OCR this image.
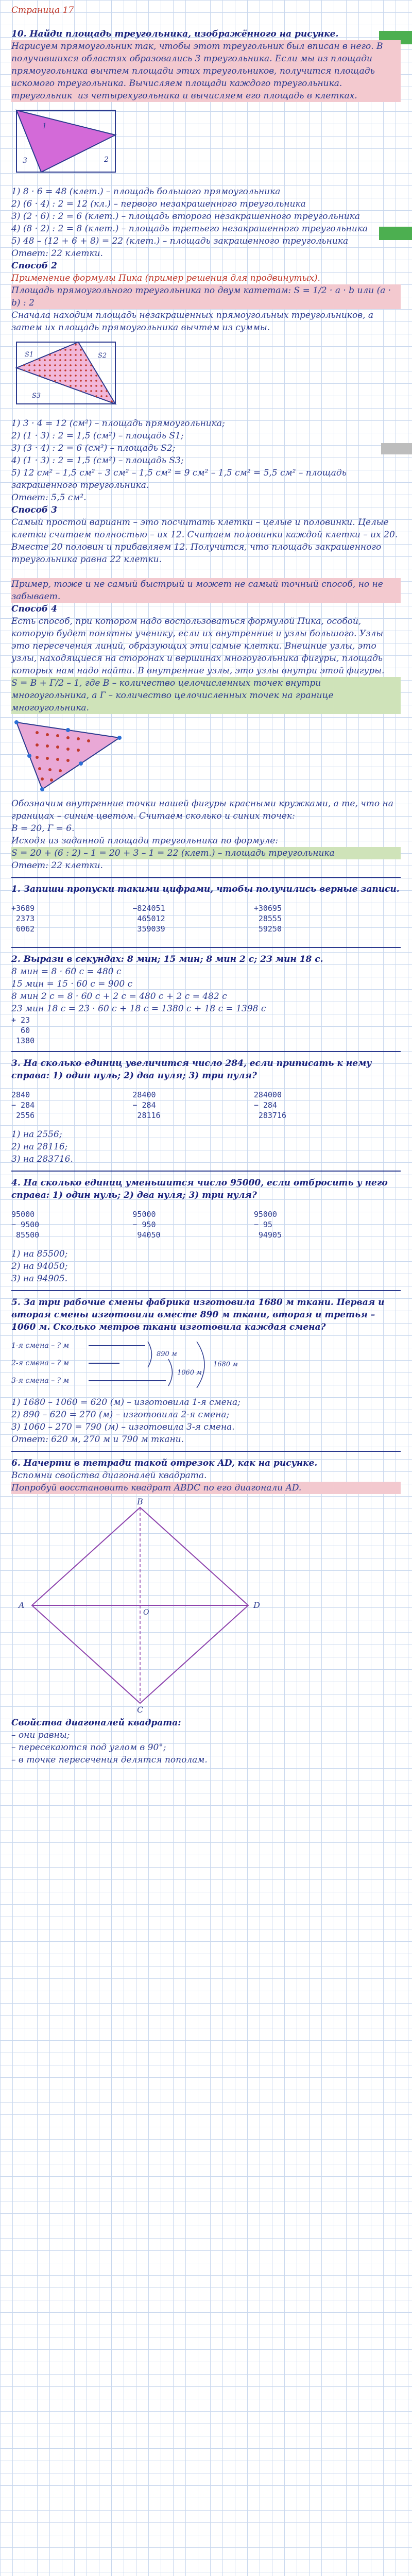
Страница 17

10. Найди площадь треугольника, изображённого на рисунке.

Нарисуем прямоугольник так, чтобы этот треугольник был вписан в него. В получившихся областях образовались 3 треугольника. Если мы из площади прямоугольника вычтем площади этих треугольников, получится площадь искомого треугольника. Вычисляем площади каждого треугольника. треугольник ​ из четырехугольника и вычисляем его площадь в клетках.

1
2
3

1) 8 · 6 = 48 (клет.) – площадь большого прямоугольника

2) (6 · 4) : 2 = 12 (кл.) – первого незакрашенного треугольника

3) (2 · 6) : 2 = 6 (клет.) – площадь второго незакрашенного треугольника

4) (8 · 2) : 2 = 8 (клет.) – площадь третьего незакрашенного треугольника

5) 48 – (12 + 6 + 8) = 22 (клет.) – площадь закрашенного треугольника

Ответ: 22 клетки.

Способ 2

Применение формулы Пика (пример решения для продвинутых).

Площадь прямоугольного треугольника по двум катетам: S = 1/2 · a · b или (a · b) : 2

Сначала находим площадь незакрашенных прямоугольных треугольников, а затем их площадь прямоугольника вычтем из суммы.

S1	S2
S3

1) 3 · 4 = 12 (см²) – площадь прямоугольника;

2) (1 · 3) : 2 = 1,5 (см²) – площадь S1;

3) (3 · 4) : 2 = 6 (см²) – площадь S2;

4) (1 · 3) : 2 = 1,5 (см²) – площадь S3;

5) 12 см² – 1,5 см² – 3 см² – 1,5 см² = 9 см² – 1,5 см² = 5,5 см² – площадь закрашенного треугольника.

Ответ: 5,5 см².

Способ 3

Самый простой вариант – это посчитать клетки – целые и половинки. Целые клетки считаем полностью – их 12. Считаем половинки каждой клетки – их 20. Вместе 20 половин и прибавляем 12. Получится, что площадь закрашенного треугольника равна 22 клетки.

Пример, тоже и не самый быстрый и может не самый точный способ, но не забывает.

Способ 4

Есть способ, при котором надо воспользоваться формулой Пика, особой, которую будет понятны ученику, если их внутренние и узлы большого. Узлы это пересечения линий, образующих эти самые клетки. Внешние узлы, это узлы, находящиеся на сторонах и вершинах многоугольника фигуры, площадь которых нам надо найти. В внутренние узлы, это узлы внутри этой фигуры.

S = В + Г/2 – 1, где В – количество целочисленных точек внутри многоугольника, а Г – количество целочисленных точек на границе многоугольника.

Обозначим внутренние точки нашей фигуры красными кружками, а те, что на границах – синим цветом. Считаем сколько и синих точек:

В = 20, Г = 6.

Исходя из заданной площади треугольника по формуле:

S = 20 + (6 : 2) – 1 = 20 + 3 – 1 = 22 (клет.) – площадь треугольника

Ответ: 22 клетки.

1. Запиши пропуски такими цифрами, чтобы получились верные записи.

+3689
2373
6062 −824051
465012
359039 +30695
28555
59250

2. Вырази в секундах: 8 мин; 15 мин; 8 мин 2 с; 23 мин 18 с.

8 мин = 8 · 60 с = 480 с

15 мин = 15 · 60 с = 900 с

8 мин 2 с = 8 · 60 с + 2 с = 480 с + 2 с = 482 с

23 мин 18 с = 23 · 60 с + 18 с = 1380 с + 18 с = 1398 с

+ 23
60
1380

3. На сколько единиц увеличится число 284, если приписать к нему справа: 1) один нуль; 2) два нуля; 3) три нуля?

2840
− 284
2556 28400
− 284
28116 284000
− 284
283716

1) на 2556;

2) на 28116;

3) на 283716.

4. На сколько единиц уменьшится число 95000, если отбросить у него справа: 1) один нуль; 2) два нуля; 3) три нуля?

95000
− 9500
85500 95000
− 950
94050 95000
− 95
94905

1) на 85500;

2) на 94050;

3) на 94905.

5. За три рабочие смены фабрика изготовила 1680 м ткани. Первая и вторая смены изготовили вместе 890 м ткани, вторая и третья – 1060 м. Сколько метров ткани изготовила каждая смена?

1-я смена – ? м
2-я смена – ? м
3-я смена – ? м
890 м
1060 м
1680 м

1) 1680 – 1060 = 620 (м) – изготовила 1-я смена;

2) 890 – 620 = 270 (м) – изготовила 2-я смена;

3) 1060 – 270 = 790 (м) – изготовила 3-я смена.

Ответ: 620 м, 270 м и 790 м ткани.

6. Начерти в тетради такой отрезок AD, как на рисунке.

Вспомни свойства диагоналей квадрата.

Попробуй восстановить квадрат ABDC по его диагонали AD.

A
B
C
D
O

Свойства диагоналей квадрата:

– они равны;

– пересекаются под углом в 90°;

– в точке пересечения делятся пополам.
